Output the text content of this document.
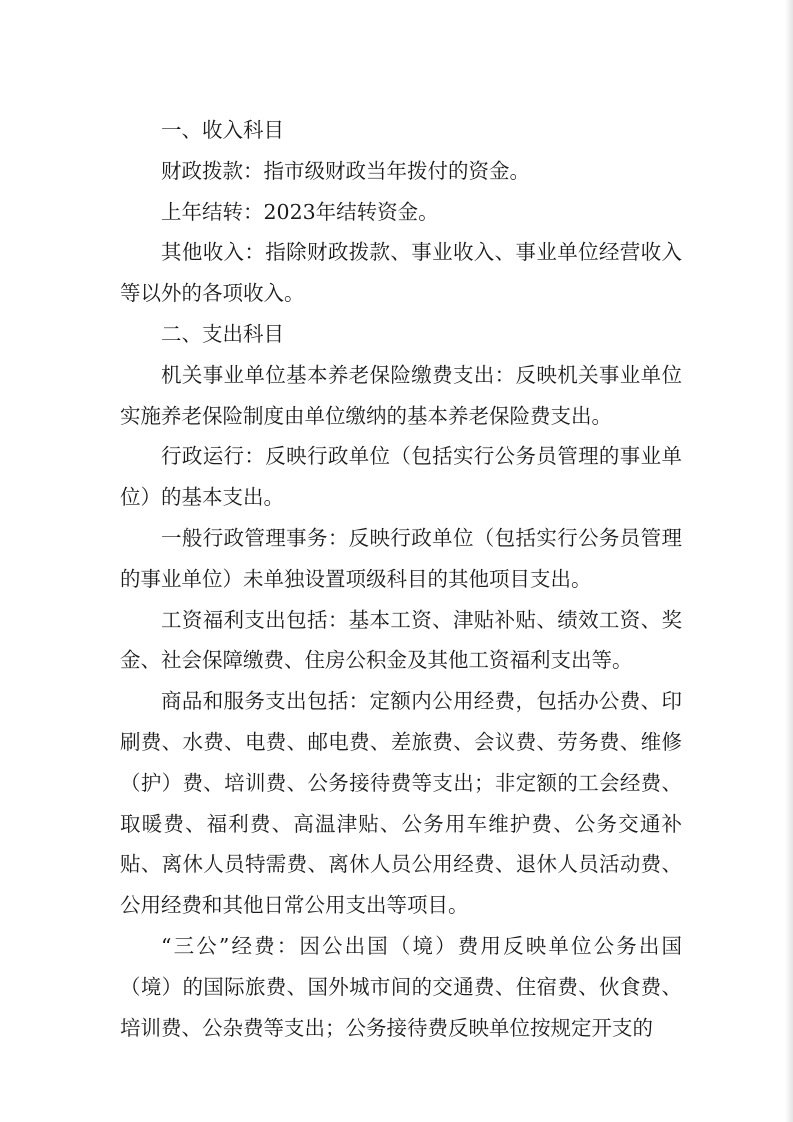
一、收入科目

财政拨款：指市级财政当年拨付的资金。

上年结转：2023年结转资金。

其他收入：指除财政拨款、事业收入、事业单位经营收入等以外的各项收入。

二、支出科目

机关事业单位基本养老保险缴费支出：反映机关事业单位实施养老保险制度由单位缴纳的基本养老保险费支出。

行政运行：反映行政单位（包括实行公务员管理的事业单位）的基本支出。

一般行政管理事务：反映行政单位（包括实行公务员管理的事业单位）未单独设置项级科目的其他项目支出。

工资福利支出包括：基本工资、津贴补贴、绩效工资、奖金、社会保障缴费、住房公积金及其他工资福利支出等。

商品和服务支出包括：定额内公用经费，包括办公费、印刷费、水费、电费、邮电费、差旅费、会议费、劳务费、维修（护）费、培训费、公务接待费等支出；非定额的工会经费、取暖费、福利费、高温津贴、公务用车维护费、公务交通补贴、离休人员特需费、离休人员公用经费、退休人员活动费、公用经费和其他日常公用支出等项目。

“三公”经费：因公出国（境）费用反映单位公务出国（境）的国际旅费、国外城市间的交通费、住宿费、伙食费、培训费、公杂费等支出；公务接待费反映单位按规定开支的
